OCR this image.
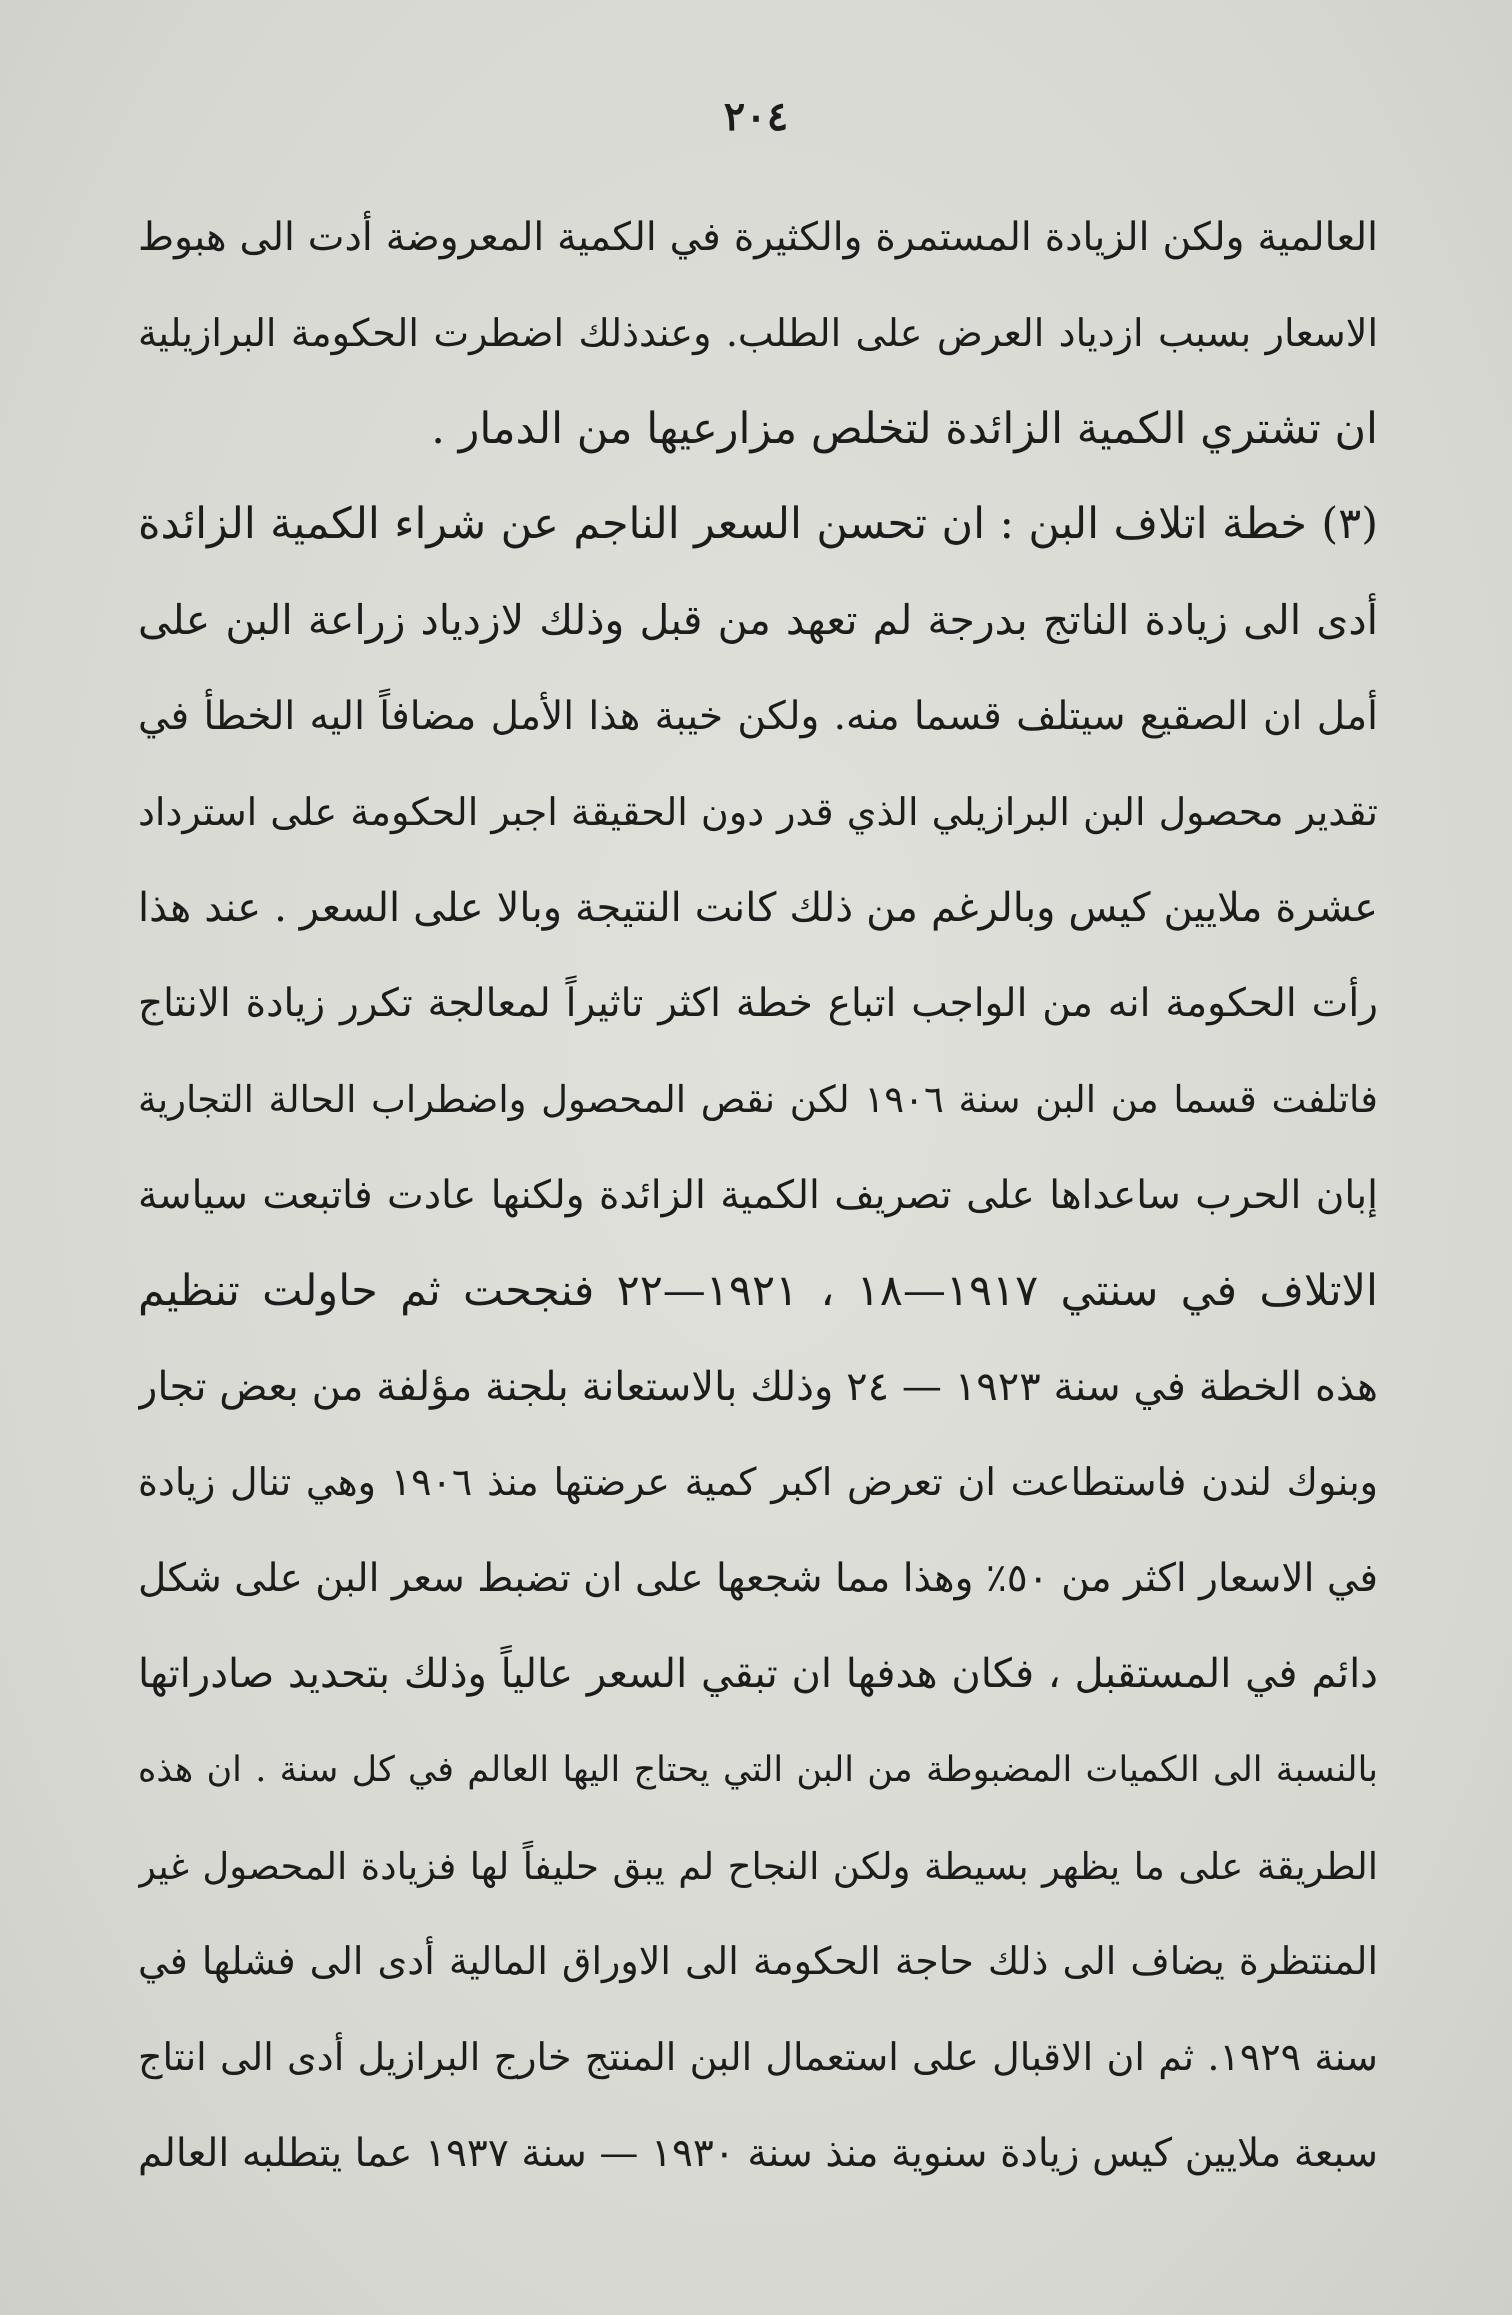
٢٠٤
العالمية ولكن الزيادة المستمرة والكثيرة في الكمية المعروضة أدت الى هبوط
الاسعار بسبب ازدياد العرض على الطلب. وعندذلك اضطرت الحكومة البرازيلية
ان تشتري الكمية الزائدة لتخلص مزارعيها من الدمار .
(٣) خطة اتلاف البن : ان تحسن السعر الناجم عن شراء الكمية الزائدة
أدى الى زيادة الناتج بدرجة لم تعهد من قبل وذلك لازدياد زراعة البن على
أمل ان الصقيع سيتلف قسما منه. ولكن خيبة هذا الأمل مضافاً اليه الخطأ في
تقدير محصول البن البرازيلي الذي قدر دون الحقيقة اجبر الحكومة على استرداد
عشرة ملايين كيس وبالرغم من ذلك كانت النتيجة وبالا على السعر . عند هذا
رأت الحكومة انه من الواجب اتباع خطة اكثر تاثيراً لمعالجة تكرر زيادة الانتاج
فاتلفت قسما من البن سنة ١٩٠٦ لكن نقص المحصول واضطراب الحالة التجارية
إبان الحرب ساعداها على تصريف الكمية الزائدة ولكنها عادت فاتبعت سياسة
الاتلاف في سنتي ١٩١٧—١٨ ، ١٩٢١—٢٢ فنجحت ثم حاولت تنظيم
هذه الخطة في سنة ١٩٢٣ — ٢٤ وذلك بالاستعانة بلجنة مؤلفة من بعض تجار
وبنوك لندن فاستطاعت ان تعرض اكبر كمية عرضتها منذ ١٩٠٦ وهي تنال زيادة
في الاسعار اكثر من ٥٠٪ وهذا مما شجعها على ان تضبط سعر البن على شكل
دائم في المستقبل ، فكان هدفها ان تبقي السعر عالياً وذلك بتحديد صادراتها
بالنسبة الى الكميات المضبوطة من البن التي يحتاج اليها العالم في كل سنة . ان هذه
الطريقة على ما يظهر بسيطة ولكن النجاح لم يبق حليفاً لها فزيادة المحصول غير
المنتظرة يضاف الى ذلك حاجة الحكومة الى الاوراق المالية أدى الى فشلها في
سنة ١٩٢٩. ثم ان الاقبال على استعمال البن المنتج خارج البرازيل أدى الى انتاج
سبعة ملايين كيس زيادة سنوية منذ سنة ١٩٣٠ — سنة ١٩٣٧ عما يتطلبه العالم
